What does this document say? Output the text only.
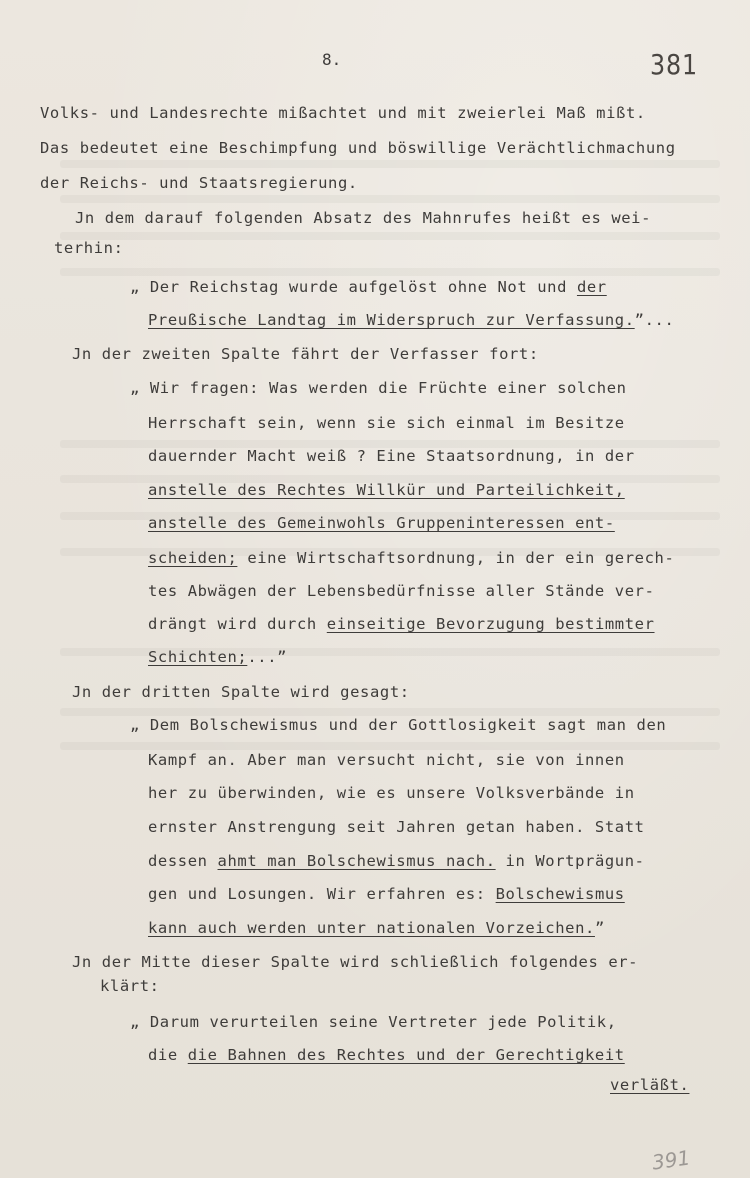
8.	381
Volks- und Landesrechte mißachtet und mit zweierlei Maß mißt.
Das bedeutet eine Beschimpfung und böswillige Verächtlichmachung
der Reichs- und Staatsregierung.
Jn dem darauf folgenden Absatz des Mahnrufes heißt es wei-
terhin:
„ Der Reichstag wurde aufgelöst ohne Not und der
Preußische Landtag im Widerspruch zur Verfassung.”...
Jn der zweiten Spalte fährt der Verfasser fort:
„ Wir fragen: Was werden die Früchte einer solchen
Herrschaft sein, wenn sie sich einmal im Besitze
dauernder Macht weiß ? Eine Staatsordnung, in der
anstelle des Rechtes Willkür und Parteilichkeit,
anstelle des Gemeinwohls Gruppeninteressen ent-
scheiden; eine Wirtschaftsordnung, in der ein gerech-
tes Abwägen der Lebensbedürfnisse aller Stände ver-
drängt wird durch einseitige Bevorzugung bestimmter
Schichten;...”
Jn der dritten Spalte wird gesagt:
„ Dem Bolschewismus und der Gottlosigkeit sagt man den
Kampf an. Aber man versucht nicht, sie von innen
her zu überwinden, wie es unsere Volksverbände in
ernster Anstrengung seit Jahren getan haben. Statt
dessen ahmt man Bolschewismus nach. in Wortprägun-
gen und Losungen. Wir erfahren es: Bolschewismus
kann auch werden unter nationalen Vorzeichen.”
Jn der Mitte dieser Spalte wird schließlich folgendes er-
klärt:
„ Darum verurteilen seine Vertreter jede Politik,
die die Bahnen des Rechtes und der Gerechtigkeit
verläßt.
391
